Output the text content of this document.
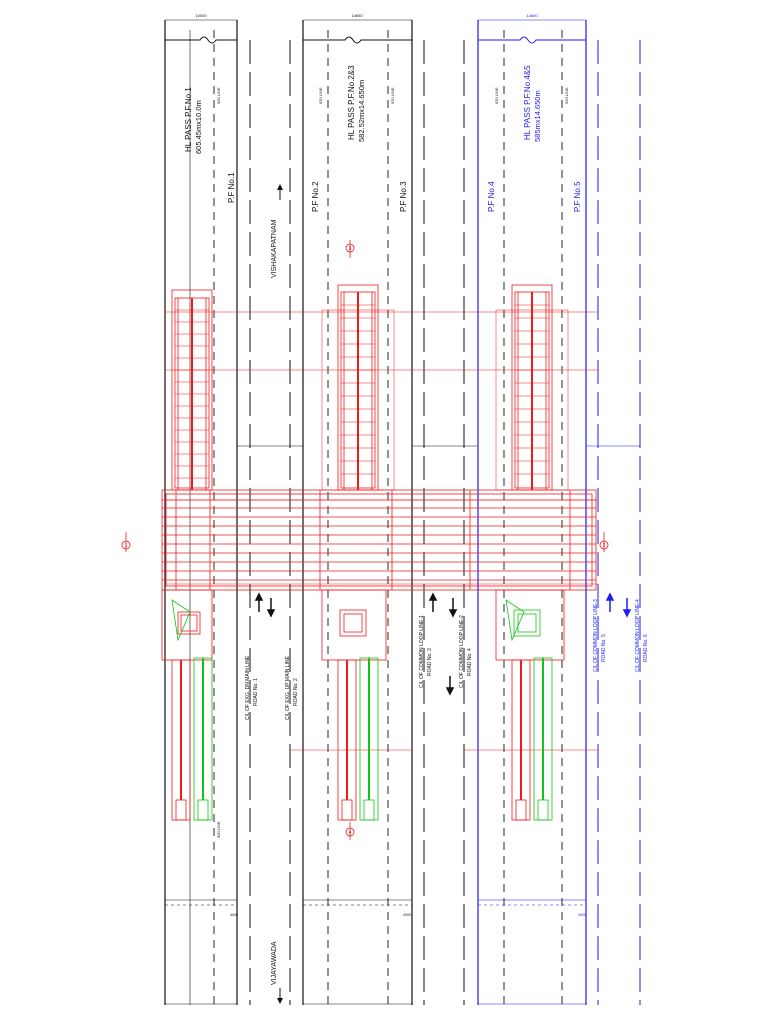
10000
4000
HL PASS P.F.No.1 605.45mx10.0m
P.F No.1
900 LINE
900 LINE
14650
4000
HL PASS P.F.No.2&3 582.52mx14.650m
P.F No.2	P.F No.3
920 LINE	920 LINE
14650
4000
HL PASS P.F.No.4&5 585mx14.650m
P.F No.4	P.F No.5
920 LINE	920 LINE
C/L OF EXG. DN MAIN LINE ROAD No. 1	C/L OF EXG. UP MAIN LINE ROAD No. 2
C/L OF COMMON LOOP LINE-1 ROAD No. 3	C/L OF COMMON LOOP LINE-2 ROAD No. 4	C/L OF COMMON LOOP LINE-3 ROAD No. 5	C/L OF COMMON LOOP LINE-4 ROAD No. 6
VISHAKAPATNAM
VIJAYAWADA
1	2
3
4
